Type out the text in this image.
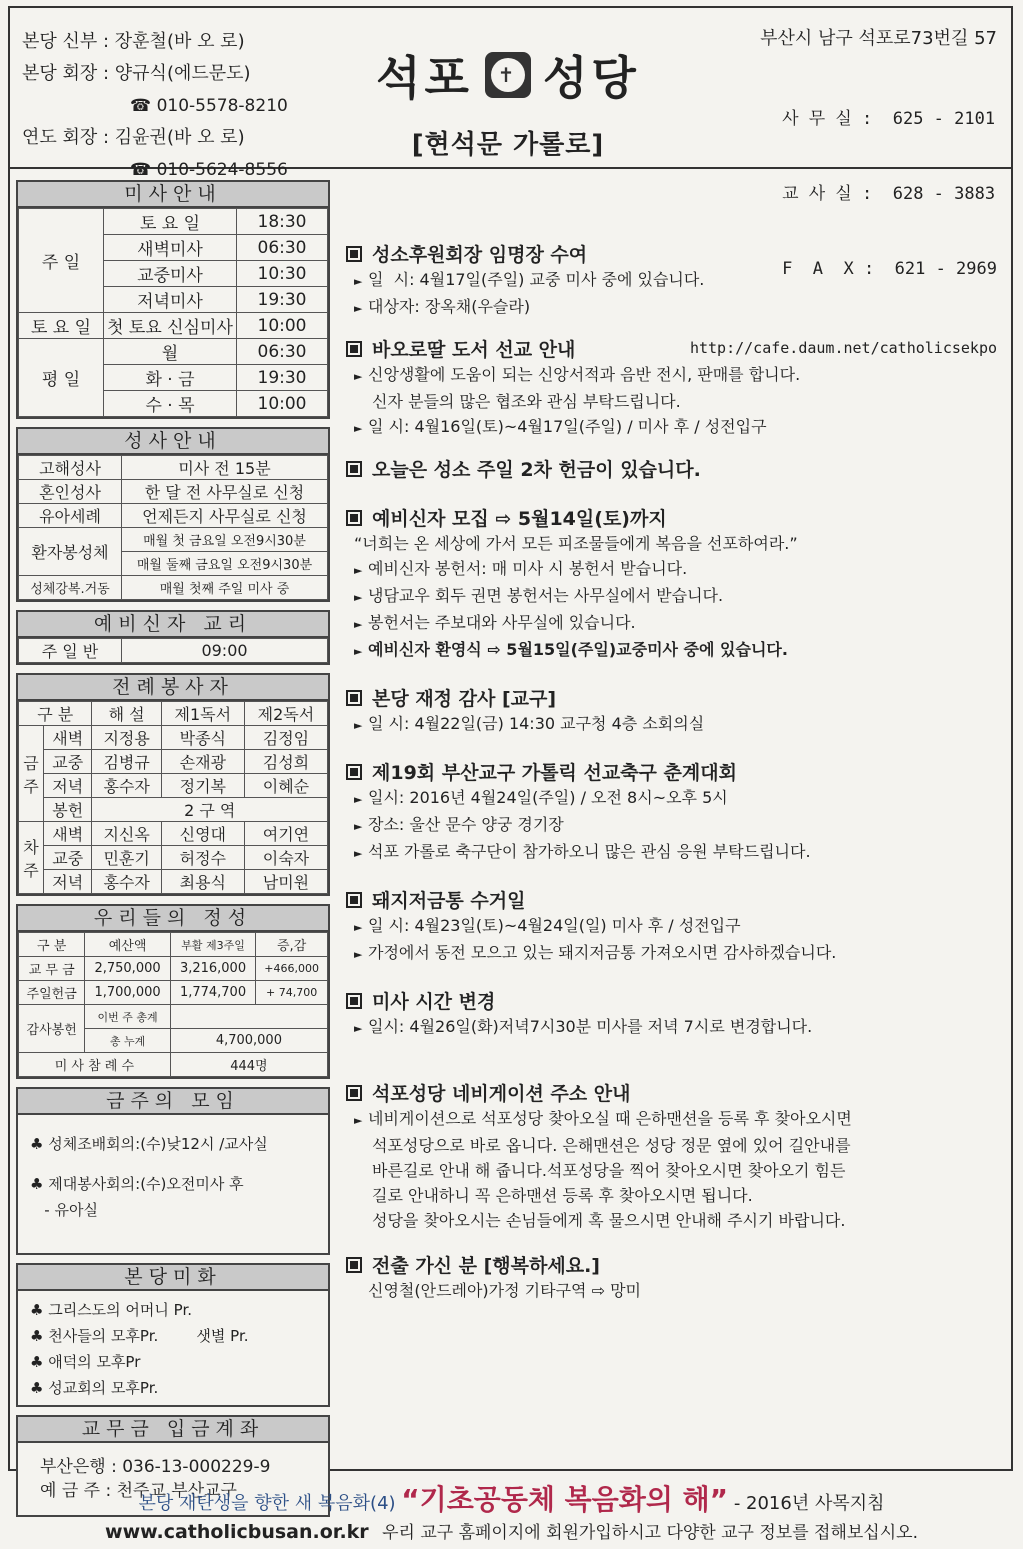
본당 신부 : 장훈철(바 오 로)
본당 회장 : 양규식(에드문도)
☎ 010-5578-8210
연도 회장 : 김윤권(바 오 로)
☎ 010-5624-8556
석포	✝ 성당
[현석문 가롤로]
부산시 남구 석포로73번길 57

사 무 실 :  625 - 2101

교 사 실 :  628 - 3883

F  A  X :  621 - 2969

http://cafe.daum.net/catholicsekpo
미사안내
주 일	토 요 일	18:30
	새벽미사	06:30
	교중미사	10:30
	저녁미사	19:30
토 요 일	첫 토요 신심미사	10:00
평 일	월	06:30
	화 · 금	19:30
	수 · 목	10:00
성사안내
고해성사	미사 전 15분
혼인성사	한 달 전 사무실로 신청
유아세례	언제든지 사무실로 신청
환자봉성체	매월 첫 금요일 오전9시30분
	매월 둘째 금요일 오전9시30분
성체강복.거동	매월 첫째 주일 미사 중
예비신자 교리
주 일 반	09:00
전례봉사자
구 분		해 설	제1독서	제2독서
금주	새벽	지정용	박종식	김정임
	교중	김병규	손재광	김성희
	저녁	홍수자	정기복	이혜순
	봉헌	2 구 역		
차주	새벽	지신옥	신영대	여기연
	교중	민훈기	허정수	이숙자
	저녁	홍수자	최용식	남미원
우리들의 정성
구 분	예산액	부활 제3주일	증,감
교 무 금	2,750,000	3,216,000	+466,000
주일헌금	1,700,000	1,774,700	+ 74,700
감사봉헌	이번 주 총계		
	총 누계	4,700,000	
미 사 참 례 수		444명	
금주의 모임
♣ 성체조배회의:(수)낮12시 /교사실
♣ 제대봉사회의:(수)오전미사 후
- 유아실
본당미화
♣ 그리스도의 어머니 Pr.
♣ 천사들의 모후Pr.        샛별 Pr.
♣ 애덕의 모후Pr
♣ 성교회의 모후Pr.
교무금 입금계좌
부산은행 : 036-13-000229-9
예 금 주 : 천주교 부산교구
성소후원회장 임명장 수여
► 일  시: 4월17일(주일) 교중 미사 중에 있습니다.
► 대상자: 장옥채(우슬라)
바오로딸 도서 선교 안내
► 신앙생활에 도움이 되는 신앙서적과 음반 전시, 판매를 합니다.
신자 분들의 많은 협조와 관심 부탁드립니다.
► 일 시: 4월16일(토)~4월17일(주일) / 미사 후 / 성전입구
오늘은 성소 주일 2차 헌금이 있습니다.
예비신자 모집 ⇨ 5월14일(토)까지
“너희는 온 세상에 가서 모든 피조물들에게 복음을 선포하여라.”
► 예비신자 봉헌서: 매 미사 시 봉헌서 받습니다.
► 냉담교우 회두 권면 봉헌서는 사무실에서 받습니다.
► 봉헌서는 주보대와 사무실에 있습니다.
► 예비신자 환영식 ⇨ 5월15일(주일)교중미사 중에 있습니다.
본당 재정 감사 [교구]
► 일 시: 4월22일(금) 14:30 교구청 4층 소회의실
제19회 부산교구 가톨릭 선교축구 춘계대회
► 일시: 2016년 4월24일(주일) / 오전 8시~오후 5시
► 장소: 울산 문수 양궁 경기장
► 석포 가롤로 축구단이 참가하오니 많은 관심 응원 부탁드립니다.
돼지저금통 수거일
► 일 시: 4월23일(토)~4월24일(일) 미사 후 / 성전입구
► 가정에서 동전 모으고 있는 돼지저금통 가져오시면 감사하겠습니다.
미사 시간 변경
► 일시: 4월26일(화)저녁7시30분 미사를 저녁 7시로 변경합니다.
석포성당 네비게이션 주소 안내
► 네비게이션으로 석포성당 찾아오실 때 은하맨션을 등록 후 찾아오시면
석포성당으로 바로 옵니다. 은해맨션은 성당 정문 옆에 있어 길안내를
바른길로 안내 해 줍니다.석포성당을 찍어 찾아오시면 찾아오기 힘든
길로 안내하니 꼭 은하맨션 등록 후 찾아오시면 됩니다.
성당을 찾아오시는 손님들에게 혹 물으시면 안내해 주시기 바랍니다.
전출 가신 분 [행복하세요.]
신영철(안드레아)가정 기타구역 ⇨ 망미
본당 재탄생을 향한 새 복음화(4) “기초공동체 복음화의 해” - 2016년 사목지침
www.catholicbusan.or.kr 우리 교구 홈페이지에 회원가입하시고 다양한 교구 정보를 접해보십시오.
